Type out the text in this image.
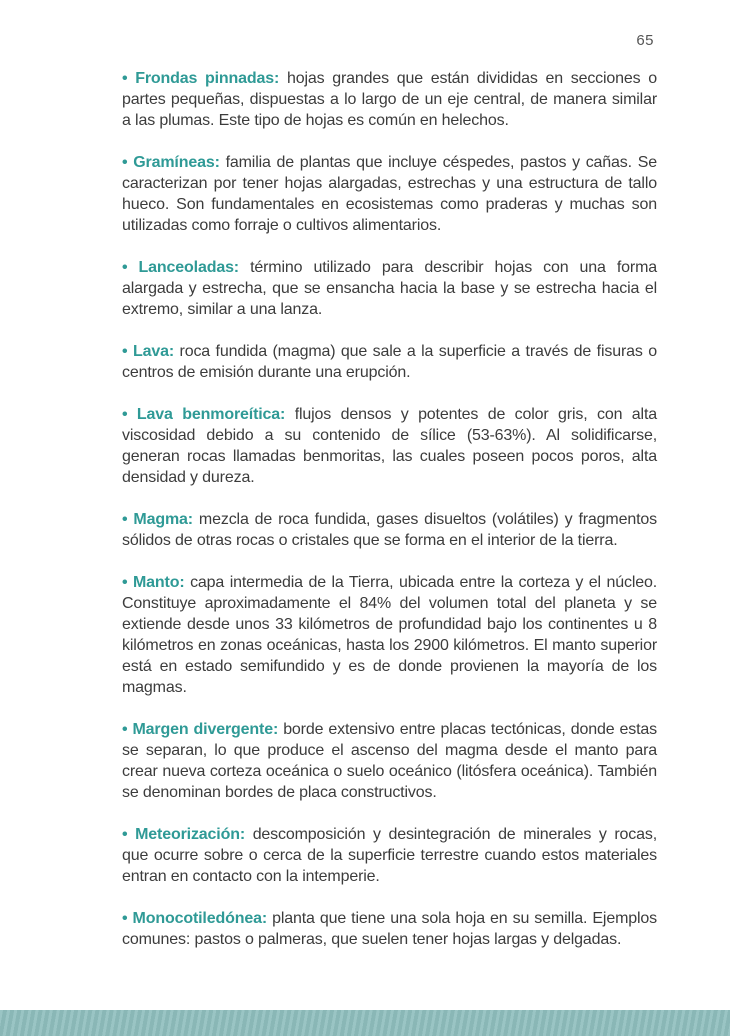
65

• Frondas pinnadas: hojas grandes que están divididas en secciones o partes pequeñas, dispuestas a lo largo de un eje central, de manera similar a las plumas. Este tipo de hojas es común en helechos.

• Gramíneas: familia de plantas que incluye céspedes, pastos y cañas. Se caracterizan por tener hojas alargadas, estrechas y una estructura de tallo hueco. Son fundamentales en ecosistemas como praderas y muchas son utilizadas como forraje o cultivos alimentarios.

• Lanceoladas: término utilizado para describir hojas con una forma alargada y estrecha, que se ensancha hacia la base y se estrecha hacia el extremo, similar a una lanza.

• Lava: roca fundida (magma) que sale a la superficie a través de fisuras o centros de emisión durante una erupción.

• Lava benmoreítica: flujos densos y potentes de color gris, con alta viscosidad debido a su contenido de sílice (53-63%). Al solidificarse, generan rocas llamadas benmoritas, las cuales poseen pocos poros, alta densidad y dureza.

• Magma: mezcla de roca fundida, gases disueltos (volátiles) y fragmentos sólidos de otras rocas o cristales que se forma en el interior de la tierra.

• Manto: capa intermedia de la Tierra, ubicada entre la corteza y el núcleo. Constituye aproximadamente el 84% del volumen total del planeta y se extiende desde unos 33 kilómetros de profundidad bajo los continentes u 8 kilómetros en zonas oceánicas, hasta los 2900 kilómetros. El manto superior está en estado semifundido y es de donde provienen la mayoría de los magmas.

• Margen divergente: borde extensivo entre placas tectónicas, donde estas se separan, lo que produce el ascenso del magma desde el manto para crear nueva corteza oceánica o suelo oceánico (litósfera oceánica). También se denominan bordes de placa constructivos.

• Meteorización: descomposición y desintegración de minerales y rocas, que ocurre sobre o cerca de la superficie terrestre cuando estos materiales entran en contacto con la intemperie.

• Monocotiledónea: planta que tiene una sola hoja en su semilla. Ejemplos comunes: pastos o palmeras, que suelen tener hojas largas y delgadas.
